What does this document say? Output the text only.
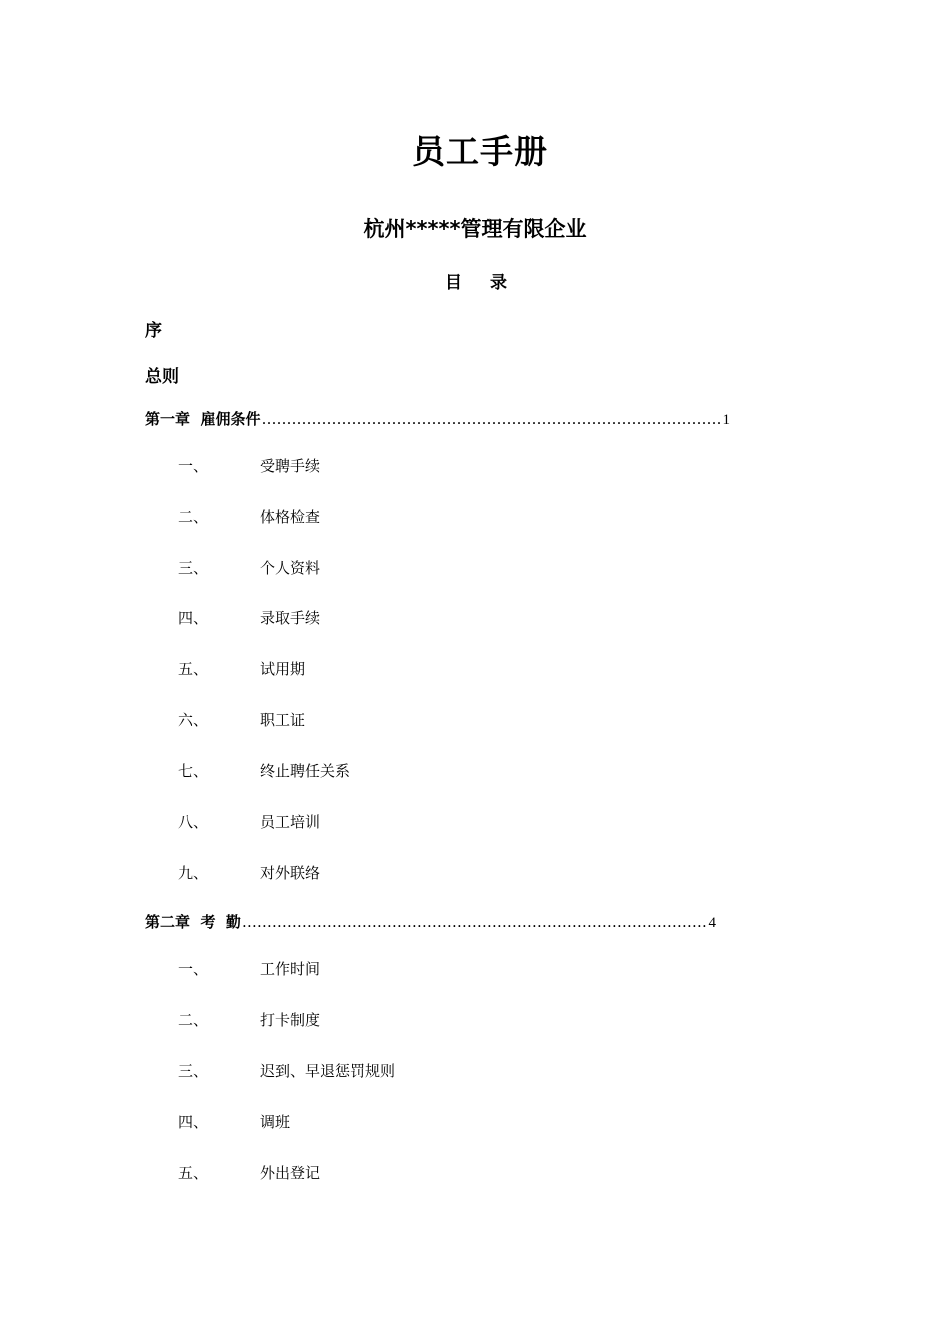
员工手册
杭州*****管理有限企业
目 录
序
总则
第一章  雇佣条件 …………………………………………………………………………………………………………………………………………………………………………	1
一、	受聘手续
二、	体格检查
三、	个人资料
四、	录取手续
五、	试用期
六、	职工证
七、	终止聘任关系
八、	员工培训
九、	对外联络
第二章  考  勤 …………………………………………………………………………………………………………………………………………………………………………	4
一、	工作时间
二、	打卡制度
三、	迟到、早退惩罚规则
四、	调班
五、	外出登记
